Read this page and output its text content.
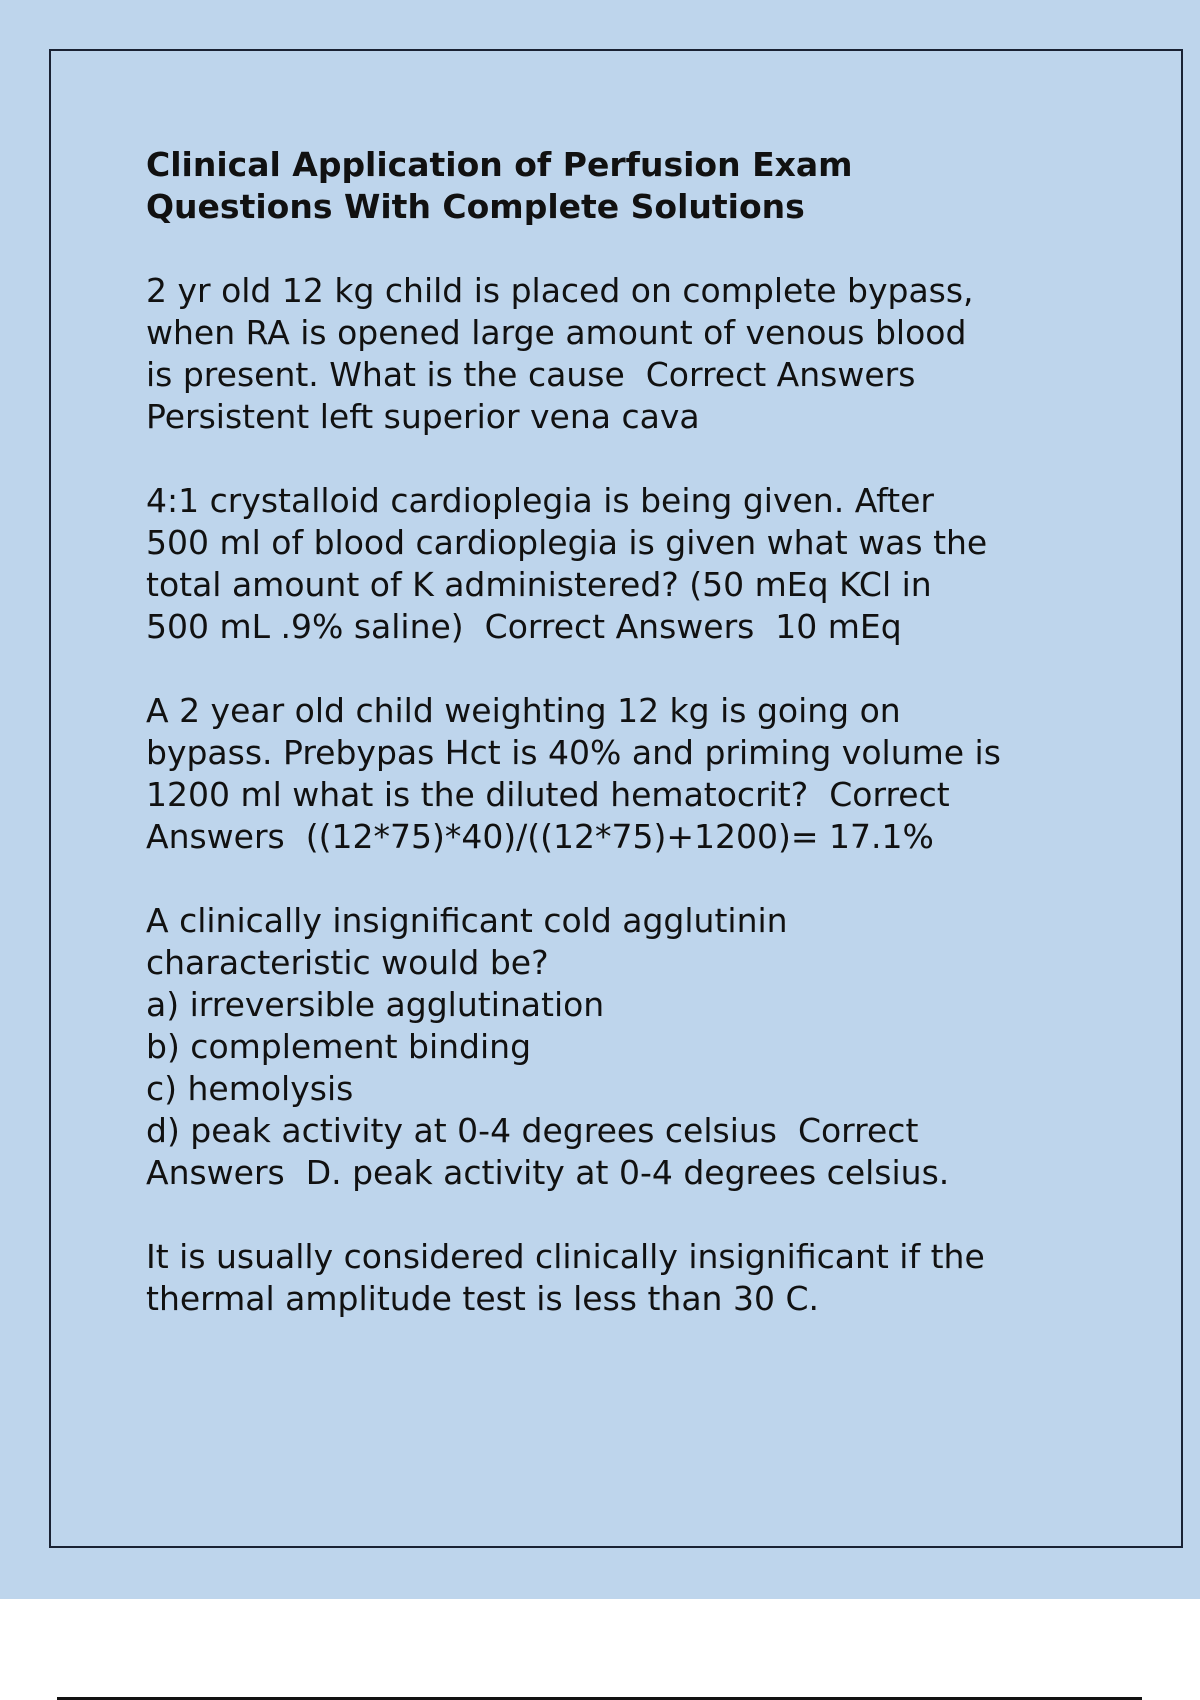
Clinical Application of Perfusion Exam
Questions With Complete Solutions

2 yr old 12 kg child is placed on complete bypass,
when RA is opened large amount of venous blood
is present. What is the cause  Correct Answers
Persistent left superior vena cava

4:1 crystalloid cardioplegia is being given. After
500 ml of blood cardioplegia is given what was the
total amount of K administered? (50 mEq KCl in
500 mL .9% saline)  Correct Answers  10 mEq

A 2 year old child weighting 12 kg is going on
bypass. Prebypas Hct is 40% and priming volume is
1200 ml what is the diluted hematocrit?  Correct
Answers  ((12*75)*40)/((12*75)+1200)= 17.1%

A clinically insignificant cold agglutinin
characteristic would be?
a) irreversible agglutination
b) complement binding
c) hemolysis
d) peak activity at 0-4 degrees celsius  Correct
Answers  D. peak activity at 0-4 degrees celsius.

It is usually considered clinically insignificant if the
thermal amplitude test is less than 30 C.
